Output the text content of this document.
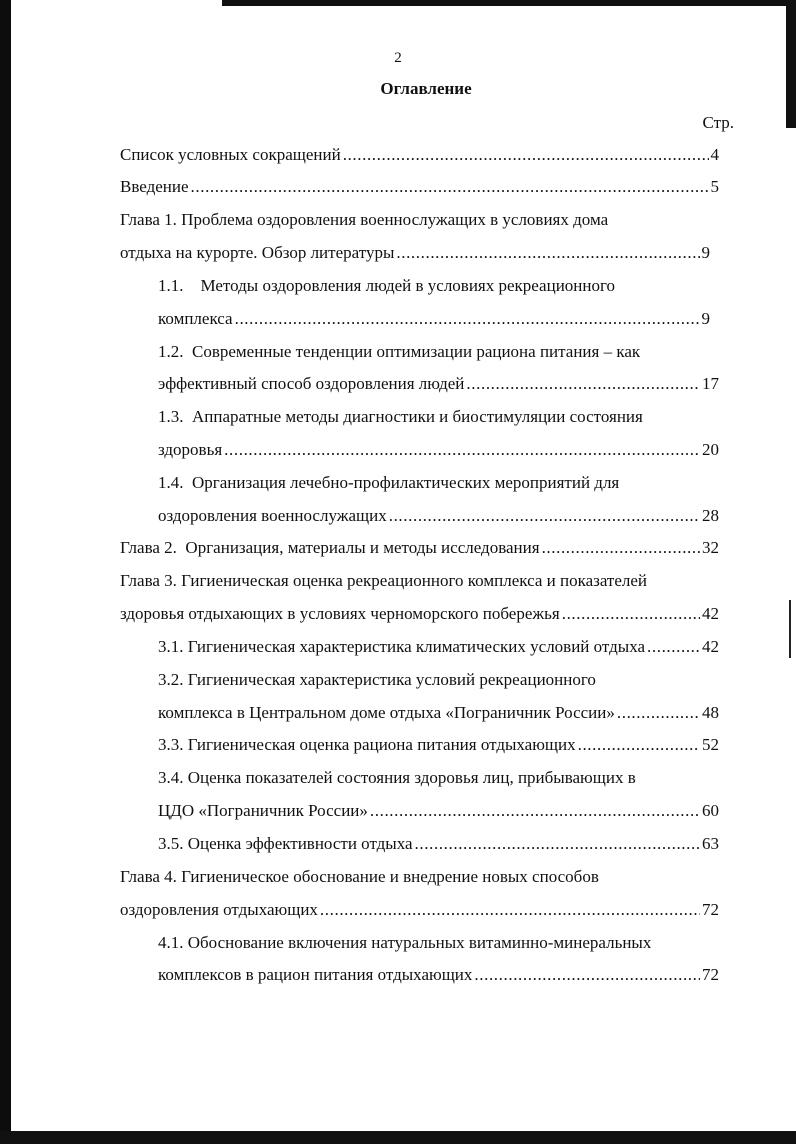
2
Оглавление
Стр.
Список условных сокращений .....	4
Введение .....	5
Глава 1. Проблема оздоровления военнослужащих в условиях дома
отдыха на курорте. Обзор литературы .....	9
1.1.    Методы оздоровления людей в условиях рекреационного
комплекса .....	9
1.2.  Современные тенденции оптимизации рациона питания – как
эффективный способ оздоровления людей .....	17
1.3.  Аппаратные методы диагностики и биостимуляции состояния
здоровья .....	20
1.4.  Организация лечебно-профилактических мероприятий для
оздоровления военнослужащих .....	28
Глава 2.  Организация, материалы и методы исследования .....	32
Глава 3. Гигиеническая оценка рекреационного комплекса и показателей
здоровья отдыхающих в условиях черноморского побережья .....	42
3.1. Гигиеническая характеристика климатических условий отдыха .....	42
3.2. Гигиеническая характеристика условий рекреационного
комплекса в Центральном доме отдыха «Пограничник России» .....	48
3.3. Гигиеническая оценка рациона питания отдыхающих .....	52
3.4. Оценка показателей состояния здоровья лиц, прибывающих в
ЦДО «Пограничник России» .....	60
3.5. Оценка эффективности отдыха .....	63
Глава 4. Гигиеническое обоснование и внедрение новых способов
оздоровления отдыхающих .....	72
4.1. Обоснование включения натуральных витаминно-минеральных
комплексов в рацион питания отдыхающих .....	72
